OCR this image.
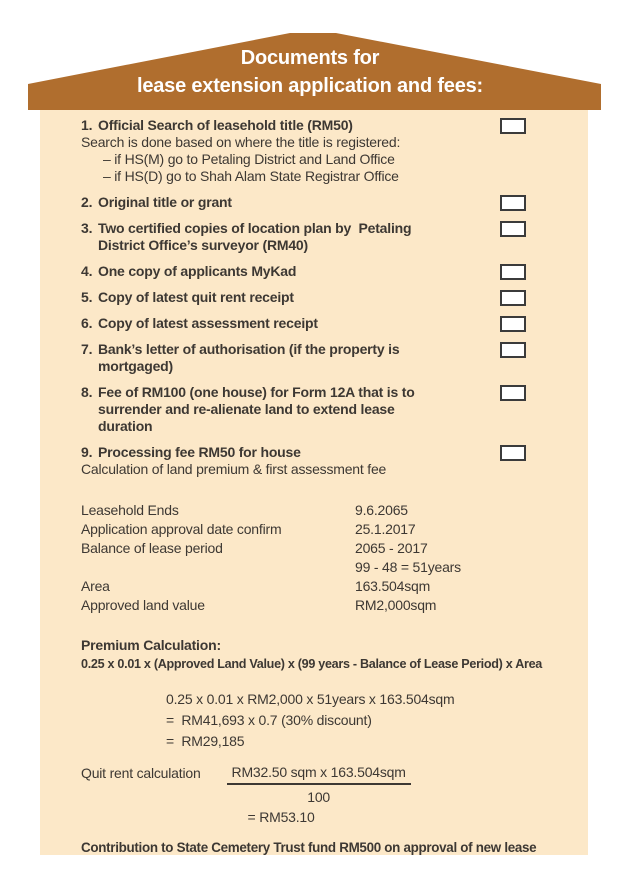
Documents for
lease extension application and fees:
1. Official Search of leasehold title (RM50)
Search is done based on where the title is registered:
– if HS(M) go to Petaling District and Land Office
– if HS(D) go to Shah Alam State Registrar Office
2. Original title or grant
3. Two certified copies of location plan by  Petaling
District Office’s surveyor (RM40)
4. One copy of applicants MyKad
5. Copy of latest quit rent receipt
6. Copy of latest assessment receipt
7. Bank’s letter of authorisation (if the property is
mortgaged)
8. Fee of RM100 (one house) for Form 12A that is to
surrender and re-alienate land to extend lease
duration
9. Processing fee RM50 for house
Calculation of land premium & first assessment fee
Leasehold Ends	9.6.2065
Application approval date confirm	25.1.2017
Balance of lease period	2065 - 2017
99 - 48 = 51years
Area	163.504sqm
Approved land value	RM2,000sqm
Premium Calculation:
0.25 x 0.01 x (Approved Land Value) x (99 years - Balance of Lease Period) x Area
0.25 x 0.01 x RM2,000 x 51years x 163.504sqm
=  RM41,693 x 0.7 (30% discount)
=  RM29,185
Quit rent calculation	RM32.50 sqm x 163.504sqm
100
= RM53.10
Contribution to State Cemetery Trust fund RM500 on approval of new lease
